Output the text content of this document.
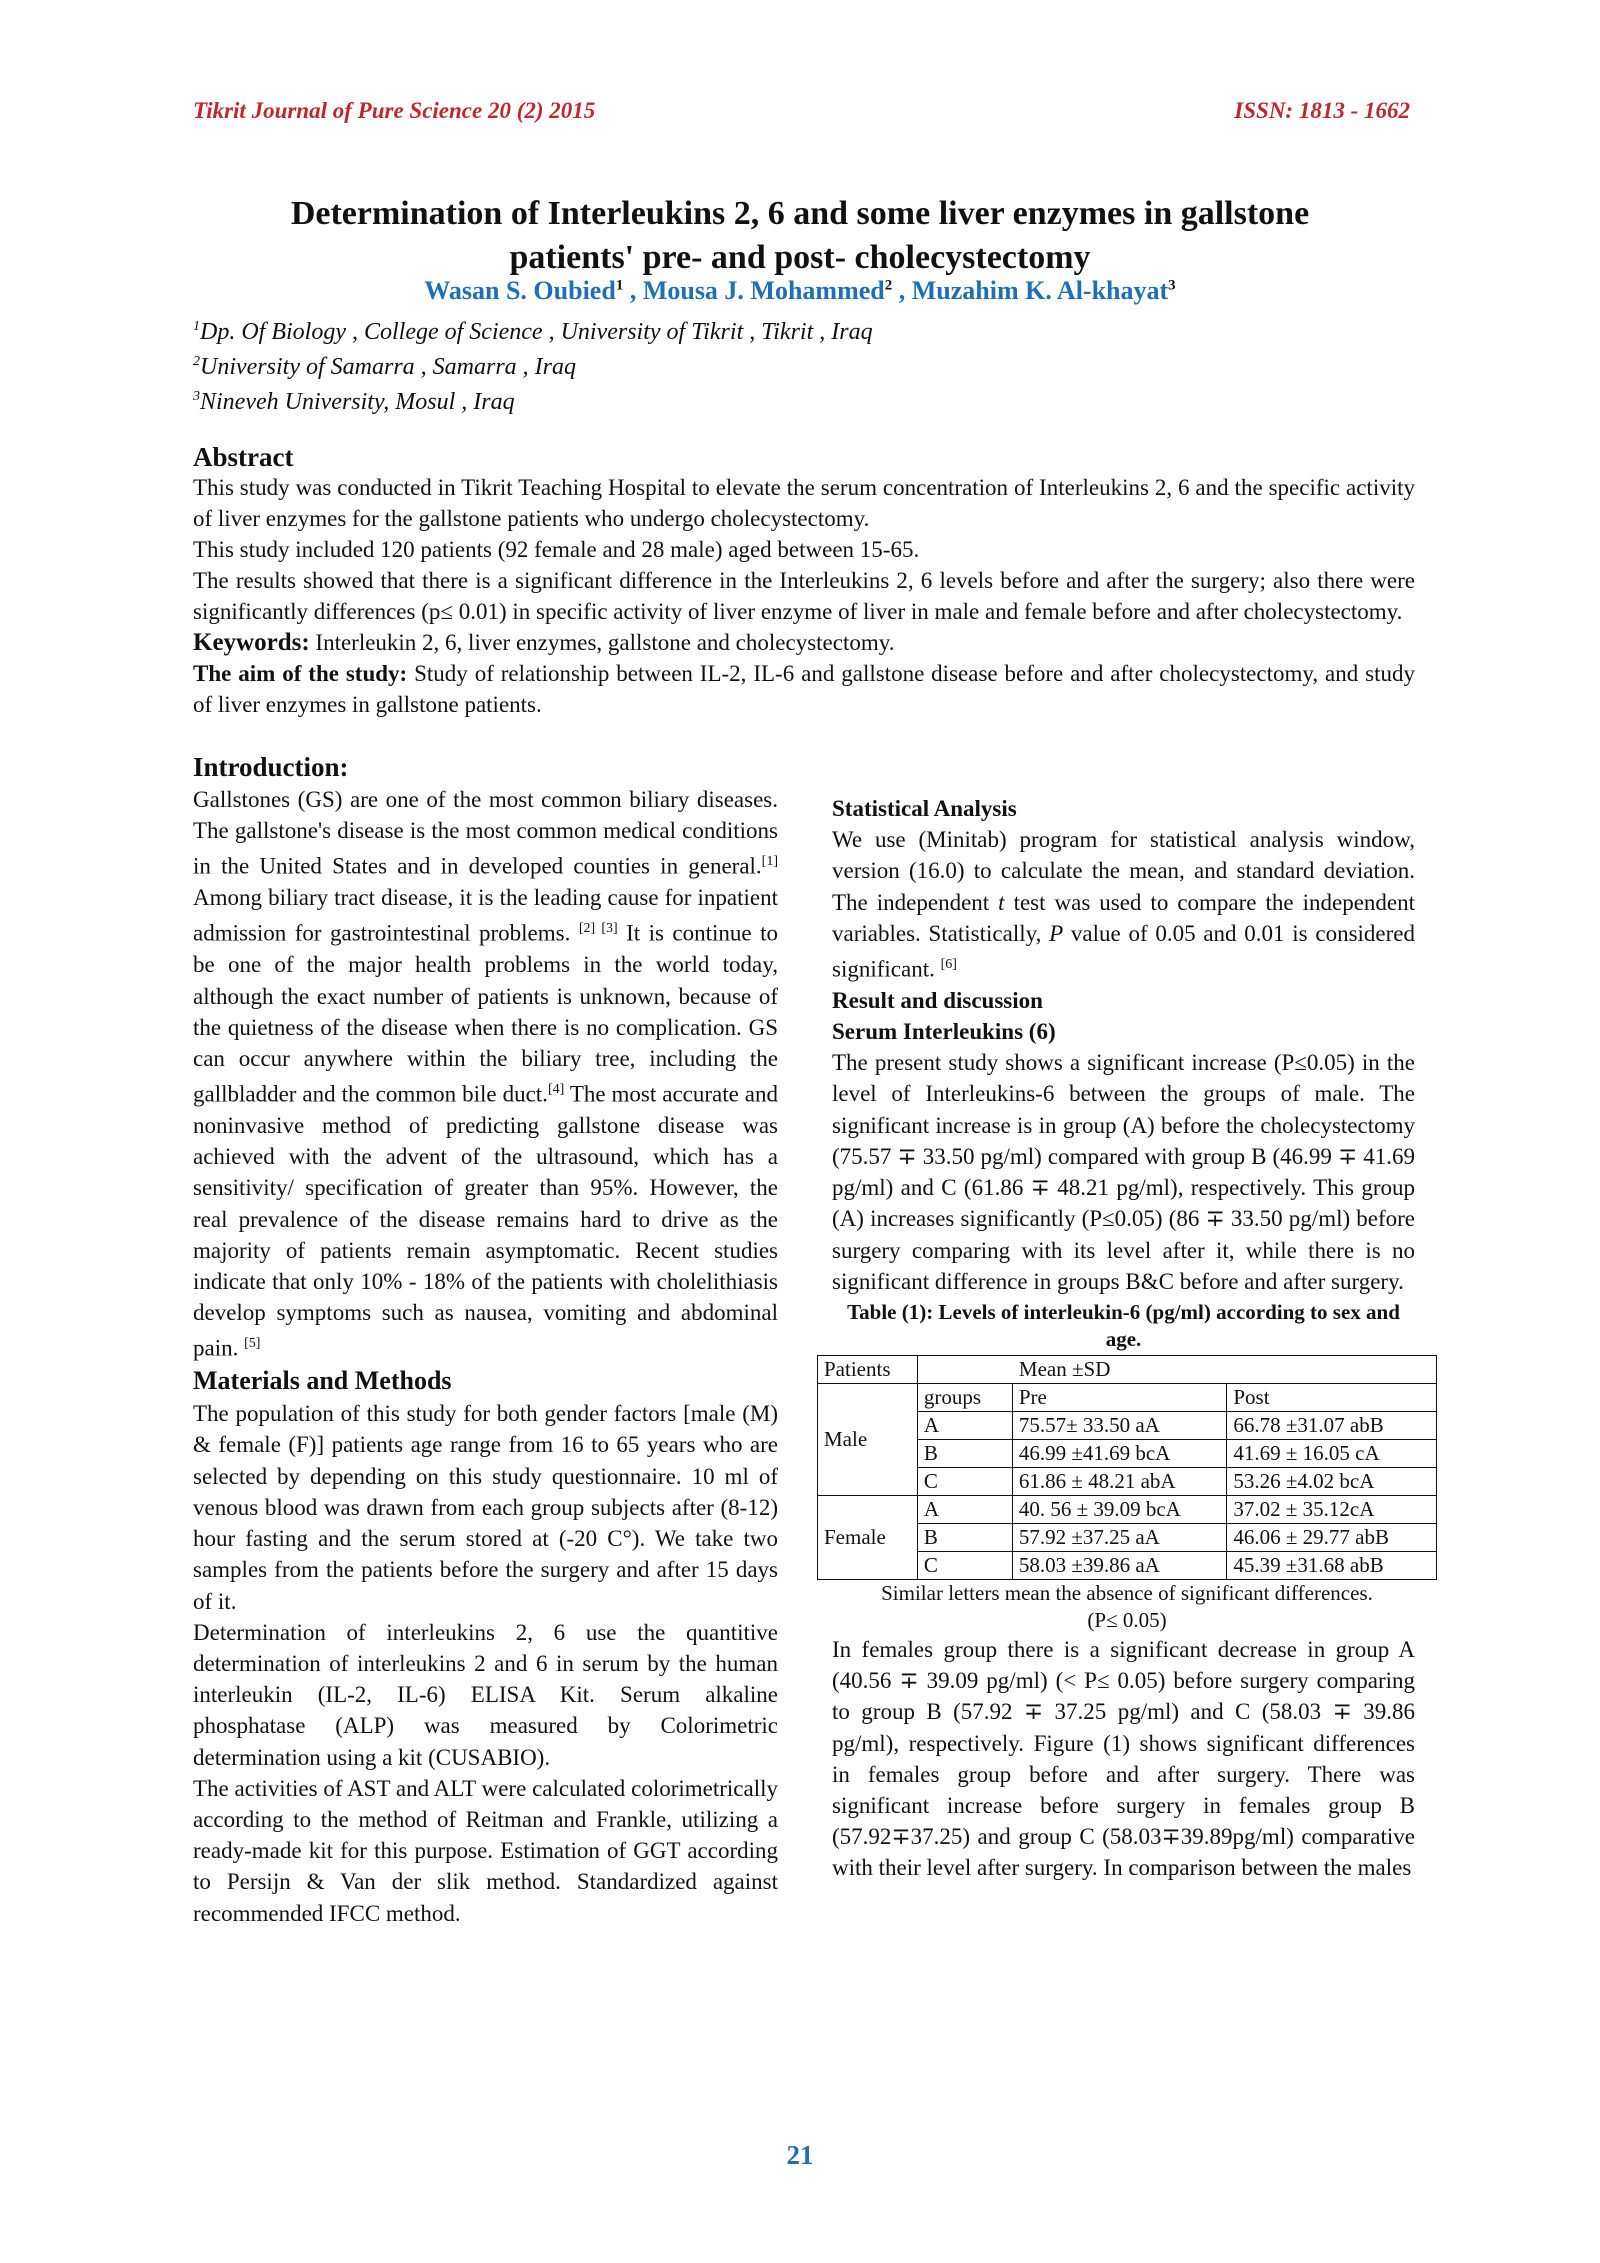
Tikrit Journal of Pure Science 20 (2) 2015	ISSN: 1813 - 1662
Determination of Interleukins 2, 6 and some liver enzymes in gallstone
patients' pre- and post- cholecystectomy
Wasan S. Oubied$^1$ , Mousa J. Mohammed$^2$ , Muzahim K. Al-khayat$^3$
$^1$Dp. Of Biology , College of Science , University of Tikrit , Tikrit , Iraq
$^2$University of Samarra , Samarra , Iraq
$^3$Nineveh University, Mosul , Iraq
Abstract
This study was conducted in Tikrit Teaching Hospital to elevate the serum concentration of Interleukins 2, 6 and the specific activity of liver enzymes for the gallstone patients who undergo cholecystectomy.
This study included 120 patients (92 female and 28 male) aged between 15-65.
The results showed that there is a significant difference in the Interleukins 2, 6 levels before and after the surgery; also there were significantly differences (p≤ 0.01) in specific activity of liver enzyme of liver in male and female before and after cholecystectomy.
Keywords: Interleukin 2, 6, liver enzymes, gallstone and cholecystectomy.
The aim of the study: Study of relationship between IL-2, IL-6 and gallstone disease before and after cholecystectomy, and study of liver enzymes in gallstone patients.
Introduction:

Gallstones (GS) are one of the most common biliary diseases. The gallstone's disease is the most common medical conditions in the United States and in developed counties in general.[1] Among biliary tract disease, it is the leading cause for inpatient admission for gastrointestinal problems. [2] [3] It is continue to be one of the major health problems in the world today, although the exact number of patients is unknown, because of the quietness of the disease when there is no complication. GS can occur anywhere within the biliary tree, including the gallbladder and the common bile duct.[4] The most accurate and noninvasive method of predicting gallstone disease was achieved with the advent of the ultrasound, which has a sensitivity/ specification of greater than 95%. However, the real prevalence of the disease remains hard to drive as the majority of patients remain asymptomatic. Recent studies indicate that only 10% - 18% of the patients with cholelithiasis develop symptoms such as nausea, vomiting and abdominal pain. [5]

Materials and Methods

The population of this study for both gender factors [male (M) & female (F)] patients age range from 16 to 65 years who are selected by depending on this study questionnaire. 10 ml of venous blood was drawn from each group subjects after (8-12) hour fasting and the serum stored at (-20 C°). We take two samples from the patients before the surgery and after 15 days of it.

Determination of interleukins 2, 6 use the quantitive determination of interleukins 2 and 6 in serum by the human interleukin (IL-2, IL-6) ELISA Kit. Serum alkaline phosphatase (ALP) was measured by Colorimetric determination using a kit (CUSABIO).

The activities of AST and ALT were calculated colorimetrically according to the method of Reitman and Frankle, utilizing a ready-made kit for this purpose. Estimation of GGT according to Persijn & Van der slik method. Standardized against recommended IFCC method.

Statistical Analysis

We use (Minitab) program for statistical analysis window, version (16.0) to calculate the mean, and standard deviation. The independent t test was used to compare the independent variables. Statistically, P value of 0.05 and 0.01 is considered significant. [6]

Result and discussion
Serum Interleukins (6)

The present study shows a significant increase (P≤0.05) in the level of Interleukins-6 between the groups of male. The significant increase is in group (A) before the cholecystectomy (75.57 ∓ 33.50 pg/ml) compared with group B (46.99 ∓ 41.69 pg/ml) and C (61.86 ∓ 48.21 pg/ml), respectively. This group (A) increases significantly (P≤0.05) (86 ∓ 33.50 pg/ml) before surgery comparing with its level after it, while there is no significant difference in groups B&C before and after surgery.

Table (1): Levels of interleukin-6 (pg/ml) according to sex and age.
Patients	Mean ±SD		
Male	groups	Pre	Post
	A	75.57± 33.50 aA	66.78 ±31.07 abB
	B	46.99 ±41.69 bcA	41.69 ± 16.05 cA
	C	61.86 ± 48.21 abA	53.26 ±4.02 bcA
Female	A	40. 56 ± 39.09 bcA	37.02 ± 35.12cA
	B	57.92 ±37.25 aA	46.06 ± 29.77 abB
	C	58.03 ±39.86 aA	45.39 ±31.68 abB
Similar letters mean the absence of significant differences.
(P≤ 0.05)

In females group there is a significant decrease in group A (40.56 ∓ 39.09 pg/ml) (< P≤ 0.05) before surgery comparing to group B (57.92 ∓ 37.25 pg/ml) and C (58.03 ∓ 39.86 pg/ml), respectively. Figure (1) shows significant differences in females group before and after surgery. There was significant increase before surgery in females group B (57.92∓37.25) and group C (58.03∓39.89pg/ml) comparative with their level after surgery. In comparison between the males

21
